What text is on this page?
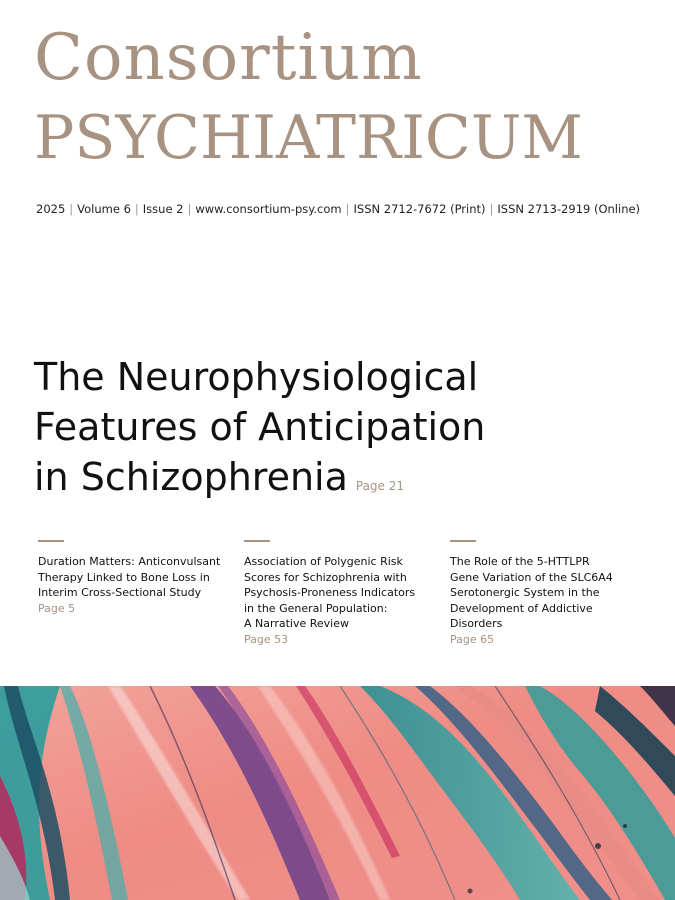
Consortium
PSYCHIATRICUM
2025 | Volume 6 | Issue 2 | www.consortium-psy.com | ISSN 2712-7672 (Print) | ISSN 2713-2919 (Online)
The Neurophysiological
Features of Anticipation
in Schizophrenia Page 21
Duration Matters: Anticonvulsant
Therapy Linked to Bone Loss in
Interim Cross-Sectional Study
Page 5
Association of Polygenic Risk
Scores for Schizophrenia with
Psychosis-Proneness Indicators
in the General Population:
A Narrative Review
Page 53
The Role of the 5-HTTLPR
Gene Variation of the SLC6A4
Serotonergic System in the
Development of Addictive
Disorders
Page 65
